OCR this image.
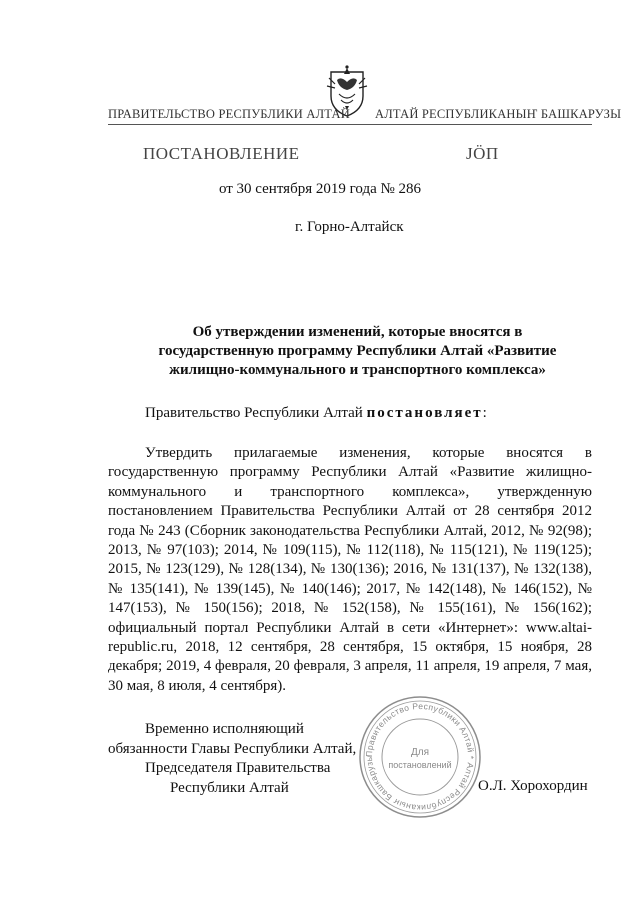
ПРАВИТЕЛЬСТВО РЕСПУБЛИКИ АЛТАЙ АЛТАЙ РЕСПУБЛИКАНЫҤ БАШКАРУЗЫ
ПОСТАНОВЛЕНИЕ	ЈӦП
от 30 сентября 2019 года № 286
г. Горно-Алтайск
Об утверждении изменений, которые вносятся в государственную программу Республики Алтай «Развитие жилищно-коммунального и транспортного комплекса»
Правительство Республики Алтай постановляет:

Утвердить прилагаемые изменения, которые вносятся в государственную программу Республики Алтай «Развитие жилищно-коммунального и транспортного комплекса», утвержденную постановлением Правительства Республики Алтай от 28 сентября 2012 года № 243 (Сборник законодательства Республики Алтай, 2012, № 92(98); 2013, № 97(103); 2014, № 109(115), № 112(118), № 115(121), № 119(125); 2015, № 123(129), № 128(134), № 130(136); 2016, № 131(137), № 132(138), № 135(141), № 139(145), № 140(146); 2017, № 142(148), № 146(152), № 147(153), № 150(156); 2018, № 152(158), № 155(161), № 156(162); официальный портал Республики Алтай в сети «Интернет»: www.altai-republic.ru, 2018, 12 сентября, 28 сентября, 15 октября, 15 ноября, 28 декабря; 2019, 4 февраля, 20 февраля, 3 апреля, 11 апреля, 19 апреля, 7 мая, 30 мая, 8 июля, 4 сентября).

Временно исполняющий
обязанности Главы Республики Алтай,
Председателя Правительства
Республики Алтай	О.Л. Хорохордин
Правительство Республики Алтай * Алтай Республиканыҥ Башкарузы
Для
постановлений
